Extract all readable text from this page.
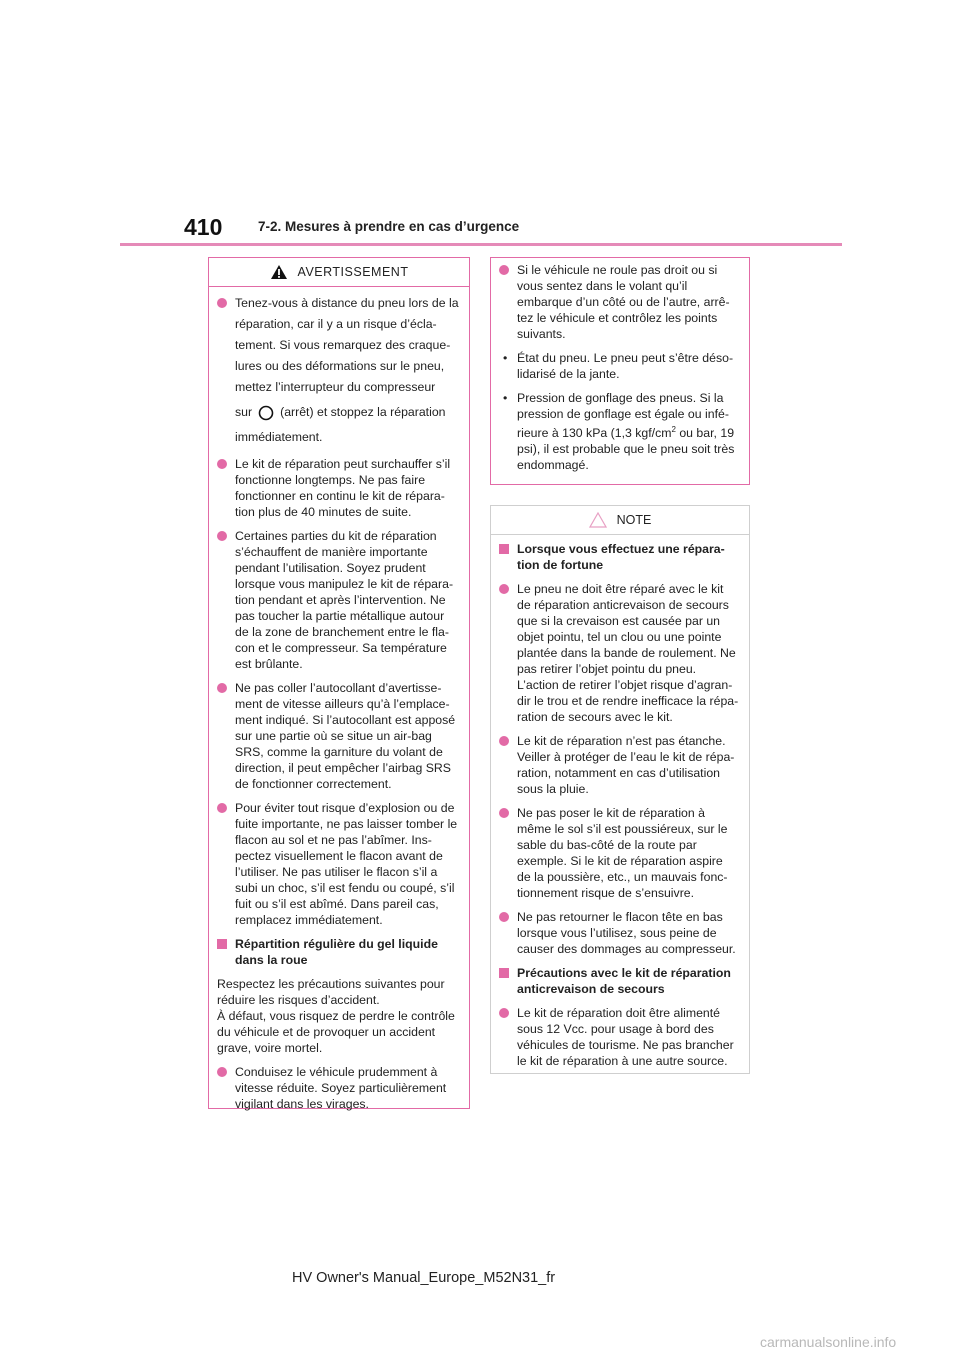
410	7-2. Mesures à prendre en cas d’urgence
AVERTISSEMENT
Tenez-vous à distance du pneu lors de la réparation, car il y a un risque d’écla-tement. Si vous remarquez des craque-lures ou des déformations sur le pneu, mettez l’interrupteur du compresseur
sur (arrêt) et stoppez la réparation
immédiatement.
Le kit de réparation peut surchauffer s’il fonctionne longtemps. Ne pas faire fonctionner en continu le kit de répara-tion plus de 40 minutes de suite.
Certaines parties du kit de réparation s’échauffent de manière importante pendant l’utilisation. Soyez prudent lorsque vous manipulez le kit de répara-tion pendant et après l’intervention. Ne pas toucher la partie métallique autour de la zone de branchement entre le fla-con et le compresseur. Sa température est brûlante.
Ne pas coller l’autocollant d’avertisse-ment de vitesse ailleurs qu’à l’emplace-ment indiqué. Si l’autocollant est apposé sur une partie où se situe un air-bag SRS, comme la garniture du volant de direction, il peut empêcher l’airbag SRS de fonctionner correctement.
Pour éviter tout risque d’explosion ou de fuite importante, ne pas laisser tomber le flacon au sol et ne pas l’abîmer. Ins-pectez visuellement le flacon avant de l’utiliser. Ne pas utiliser le flacon s’il a subi un choc, s’il est fendu ou coupé, s’il fuit ou s’il est abîmé. Dans pareil cas, remplacez immédiatement.
Répartition régulière du gel liquide dans la roue
Respectez les précautions suivantes pour réduire les risques d’accident.
À défaut, vous risquez de perdre le contrôle du véhicule et de provoquer un accident grave, voire mortel.
Conduisez le véhicule prudemment à vitesse réduite. Soyez particulièrement vigilant dans les virages.
Si le véhicule ne roule pas droit ou si vous sentez dans le volant qu’il embarque d’un côté ou de l’autre, arrê-tez le véhicule et contrôlez les points suivants.
• État du pneu. Le pneu peut s’être déso-lidarisé de la jante.
• Pression de gonflage des pneus. Si la pression de gonflage est égale ou infé-rieure à 130 kPa (1,3 kgf/$cm^2$ ou bar, 19 psi), il est probable que le pneu soit très endommagé.
NOTE
Lorsque vous effectuez une répara-tion de fortune
Le pneu ne doit être réparé avec le kit de réparation anticrevaison de secours que si la crevaison est causée par un objet pointu, tel un clou ou une pointe plantée dans la bande de roulement. Ne pas retirer l’objet pointu du pneu. L’action de retirer l’objet risque d’agran-dir le trou et de rendre inefficace la répa-ration de secours avec le kit.
Le kit de réparation n’est pas étanche. Veiller à protéger de l’eau le kit de répa-ration, notamment en cas d’utilisation sous la pluie.
Ne pas poser le kit de réparation à même le sol s’il est poussiéreux, sur le sable du bas-côté de la route par exemple. Si le kit de réparation aspire de la poussière, etc., un mauvais fonc-tionnement risque de s’ensuivre.
Ne pas retourner le flacon tête en bas lorsque vous l’utilisez, sous peine de causer des dommages au compresseur.
Précautions avec le kit de réparation anticrevaison de secours
Le kit de réparation doit être alimenté sous 12 Vcc. pour usage à bord des véhicules de tourisme. Ne pas brancher le kit de réparation à une autre source.
HV Owner's Manual_Europe_M52N31_fr
carmanualsonline.info
